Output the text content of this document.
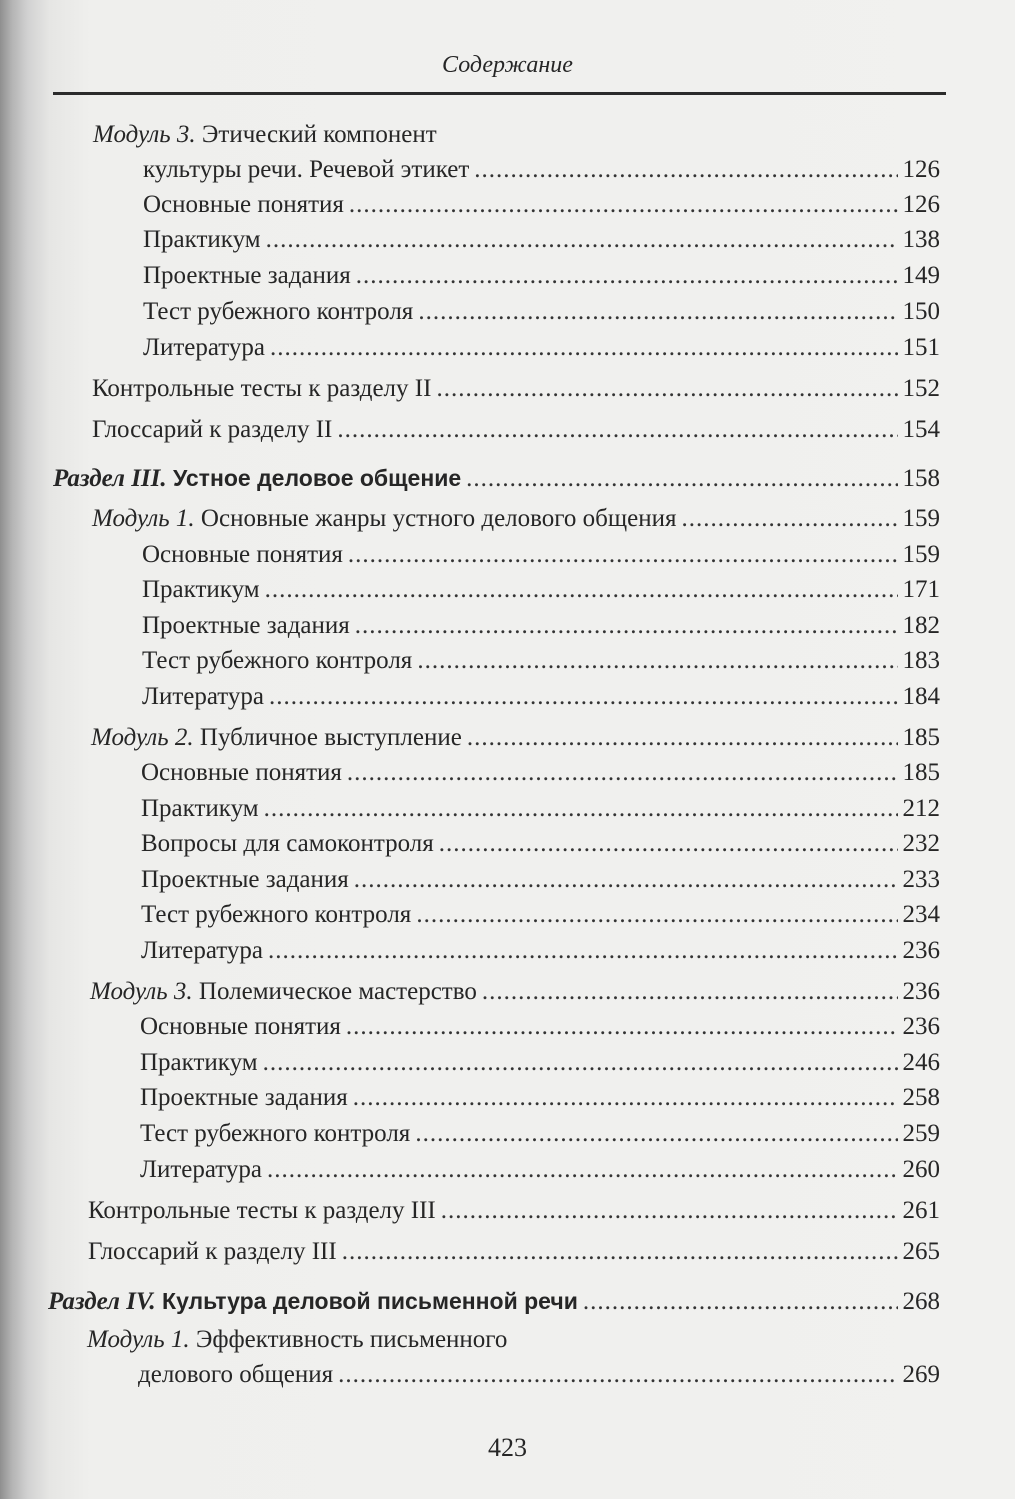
Содержание
Модуль 3. Этический компонент
культуры речи. Речевой этикет .....	126
Основные понятия .....	126
Практикум .....	138
Проектные задания .....	149
Тест рубежного контроля .....	150
Литература .....	151
Контрольные тесты к разделу II .....	152
Глоссарий к разделу II .....	154
Раздел III. Устное деловое общение .....	158
Модуль 1. Основные жанры устного делового общения .....	159
Основные понятия .....	159
Практикум .....	171
Проектные задания .....	182
Тест рубежного контроля .....	183
Литература .....	184
Модуль 2. Публичное выступление .....	185
Основные понятия .....	185
Практикум .....	212
Вопросы для самоконтроля .....	232
Проектные задания .....	233
Тест рубежного контроля .....	234
Литература .....	236
Модуль 3. Полемическое мастерство .....	236
Основные понятия .....	236
Практикум .....	246
Проектные задания .....	258
Тест рубежного контроля .....	259
Литература .....	260
Контрольные тесты к разделу III .....	261
Глоссарий к разделу III .....	265
Раздел IV. Культура деловой письменной речи .....	268
Модуль 1. Эффективность письменного
делового общения .....	269
423
